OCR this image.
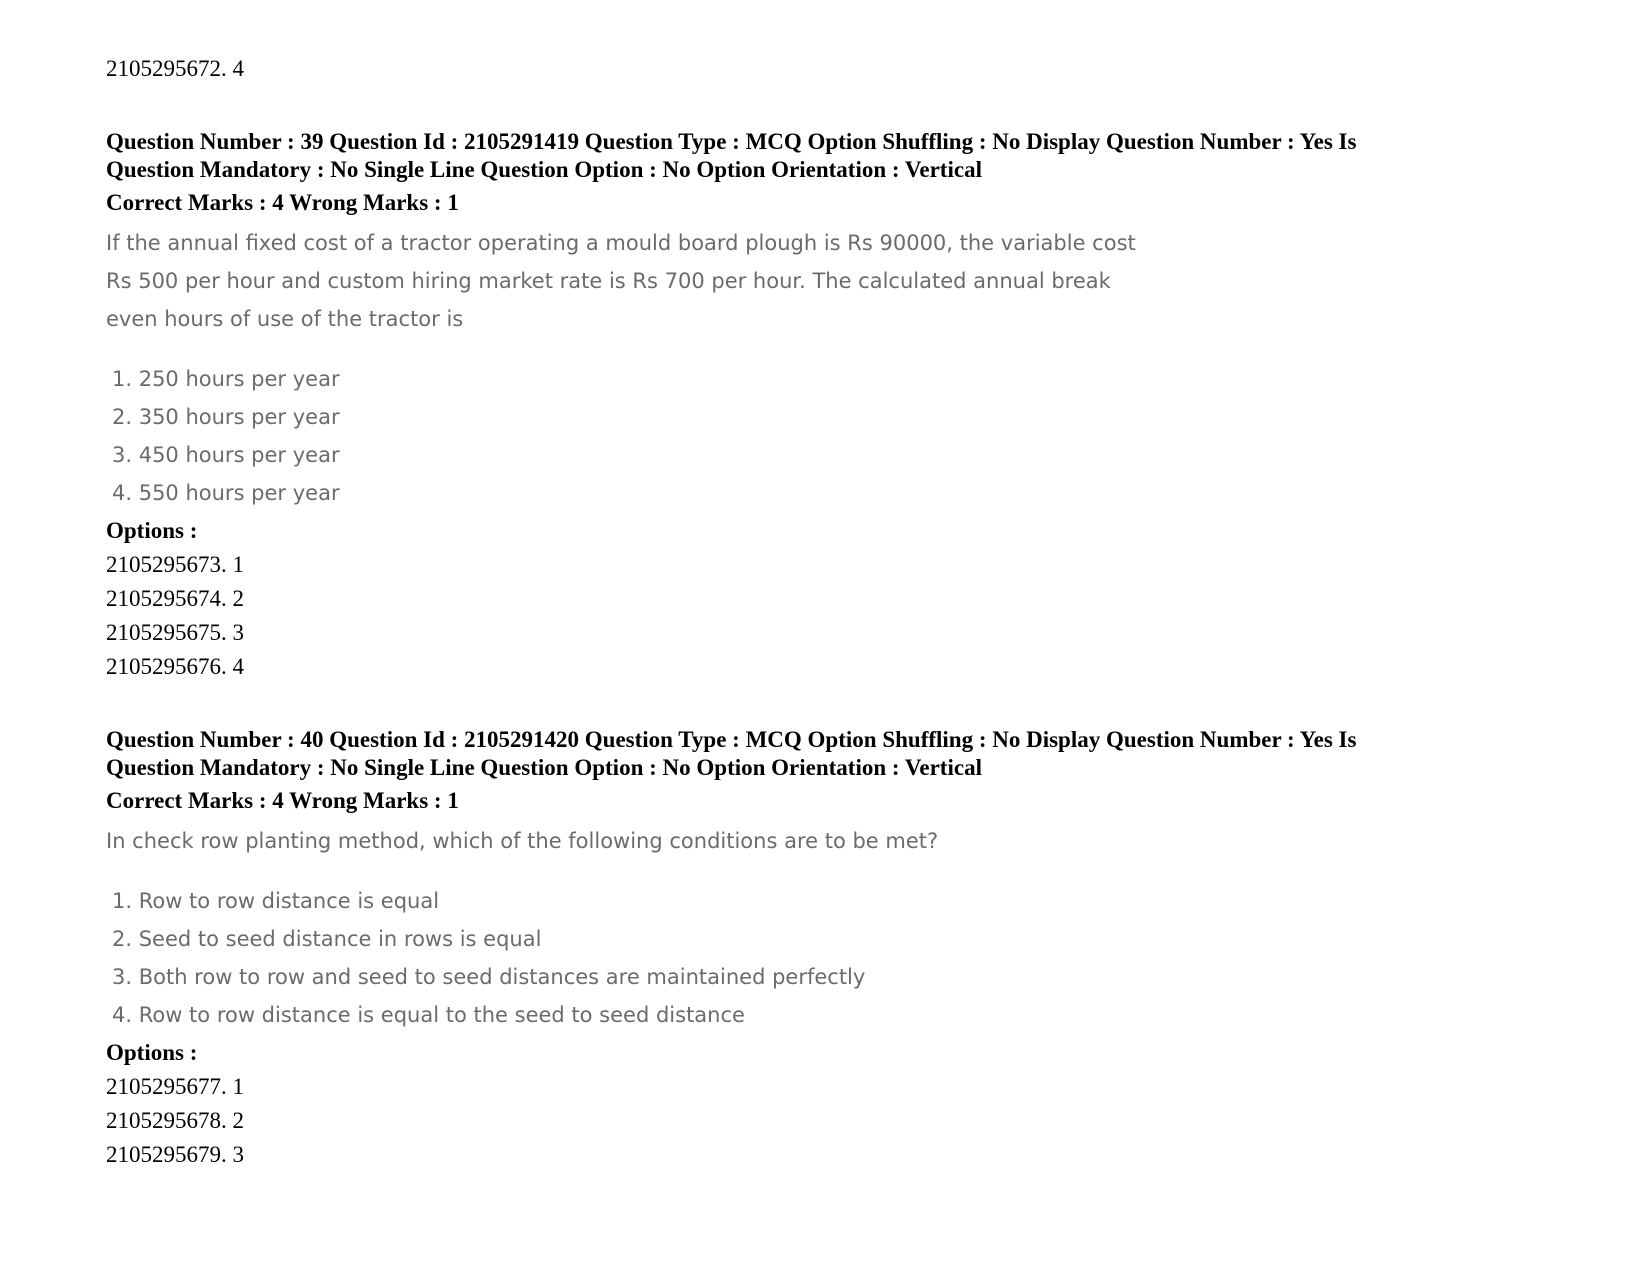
2105295672. 4
Question Number : 39 Question Id : 2105291419 Question Type : MCQ Option Shuffling : No Display Question Number : Yes Is
Question Mandatory : No Single Line Question Option : No Option Orientation : Vertical
Correct Marks : 4 Wrong Marks : 1
If the annual fixed cost of a tractor operating a mould board plough is Rs 90000, the variable cost Rs 500 per hour and custom hiring market rate is Rs 700 per hour. The calculated annual break even hours of use of the tractor is
1. 250 hours per year
2. 350 hours per year
3. 450 hours per year
4. 550 hours per year
Options :
2105295673. 1
2105295674. 2
2105295675. 3
2105295676. 4
Question Number : 40 Question Id : 2105291420 Question Type : MCQ Option Shuffling : No Display Question Number : Yes Is
Question Mandatory : No Single Line Question Option : No Option Orientation : Vertical
Correct Marks : 4 Wrong Marks : 1
In check row planting method, which of the following conditions are to be met?
1. Row to row distance is equal
2. Seed to seed distance in rows is equal
3. Both row to row and seed to seed distances are maintained perfectly
4. Row to row distance is equal to the seed to seed distance
Options :
2105295677. 1
2105295678. 2
2105295679. 3
